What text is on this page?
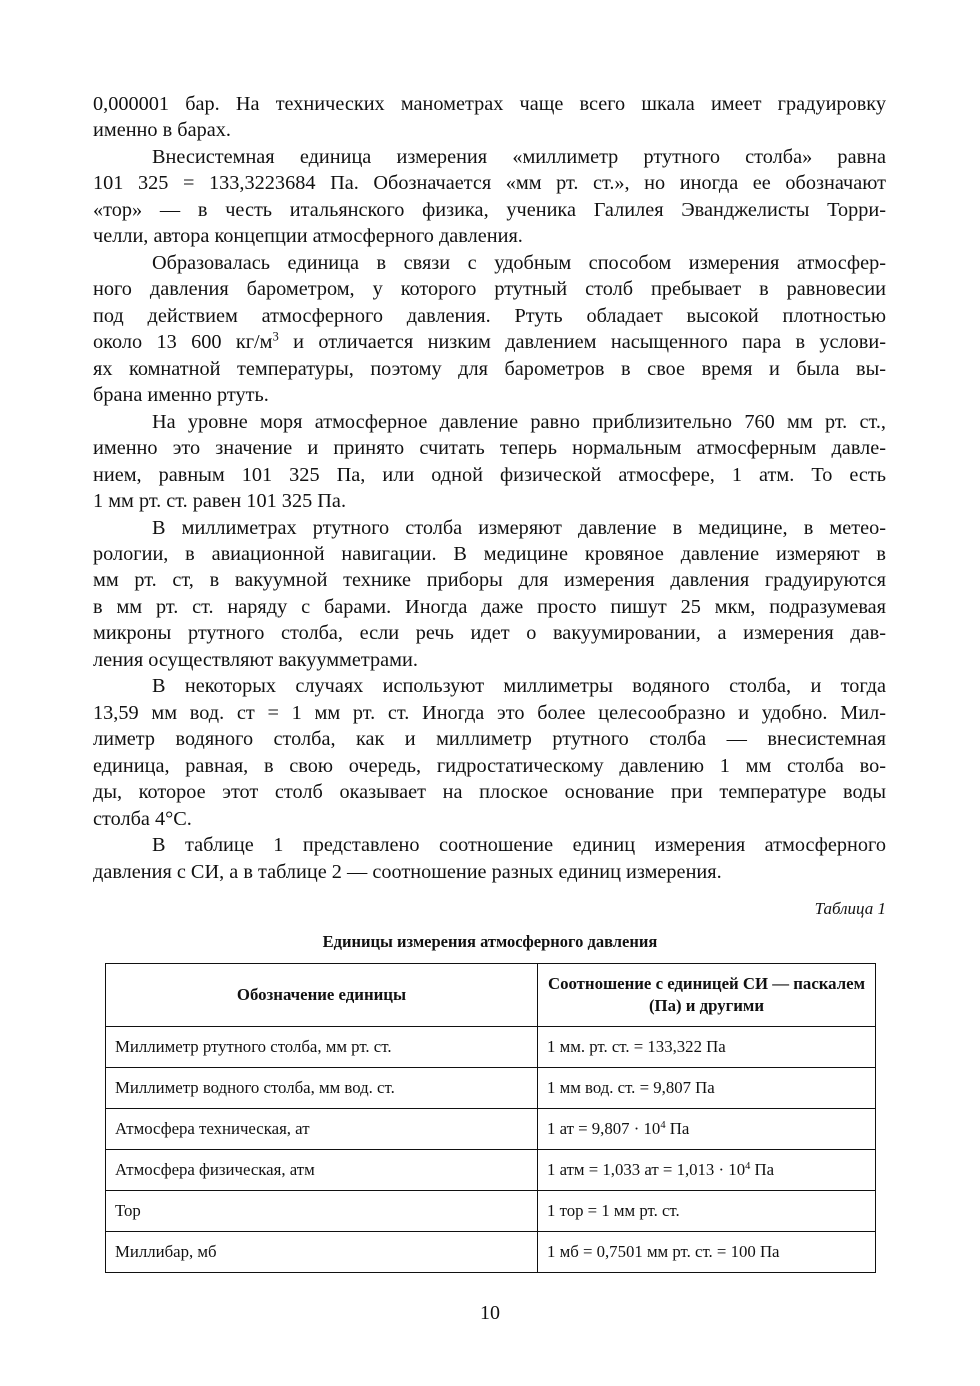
0,000001 бар. На технических манометрах чаще всего шкала имеет градуировку
именно в барах.
Внесистемная единица измерения «миллиметр ртутного столба» равна
101 325 = 133,3223684 Па. Обозначается «мм рт. ст.», но иногда ее обозначают
«тор» — в честь итальянского физика, ученика Галилея Эванджелисты Торри-
челли, автора концепции атмосферного давления.
Образовалась единица в связи с удобным способом измерения атмосфер-
ного давления барометром, у которого ртутный столб пребывает в равновесии
под действием атмосферного давления. Ртуть обладает высокой плотностью
около 13 600 $кг/м^3$ и отличается низким давлением насыщенного пара в услови-
ях комнатной температуры, поэтому для барометров в свое время и была вы-
брана именно ртуть.
На уровне моря атмосферное давление равно приблизительно 760 мм рт. ст.,
именно это значение и принято считать теперь нормальным атмосферным давле-
нием, равным 101 325 Па, или одной физической атмосфере, 1 атм. То есть
1 мм рт. ст. равен 101 325 Па.
В миллиметрах ртутного столба измеряют давление в медицине, в метео-
рологии, в авиационной навигации. В медицине кровяное давление измеряют в
мм рт. ст, в вакуумной технике приборы для измерения давления градуируются
в мм рт. ст. наряду с барами. Иногда даже просто пишут 25 мкм, подразумевая
микроны ртутного столба, если речь идет о вакуумировании, а измерения дав-
ления осуществляют вакуумметрами.
В некоторых случаях используют миллиметры водяного столба, и тогда
13,59 мм вод. ст = 1 мм рт. ст. Иногда это более целесообразно и удобно. Мил-
лиметр водяного столба, как и миллиметр ртутного столба — внесистемная
единица, равная, в свою очередь, гидростатическому давлению 1 мм столба во-
ды, которое этот столб оказывает на плоское основание при температуре воды
столба 4°С.
В таблице 1 представлено соотношение единиц измерения атмосферного
давления с СИ, а в таблице 2 — соотношение разных единиц измерения.
Таблица 1
Единицы измерения атмосферного давления
Обозначение единицы	Соотношение с единицей СИ — паскалем (Па) и другими
Миллиметр ртутного столба, мм рт. ст.	1 мм. рт. ст. = 133,322 Па
Миллиметр водного столба, мм вод. ст.	1 мм вод. ст. = 9,807 Па
Атмосфера техническая, ат	1 ат = $9,807 \cdot 10^4$ Па
Атмосфера физическая, атм	1 атм = 1,033 ат = $1,013 \cdot 10^4$ Па
Тор	1 тор = 1 мм рт. ст.
Миллибар, мб	1 мб = 0,7501 мм рт. ст. = 100 Па
10
